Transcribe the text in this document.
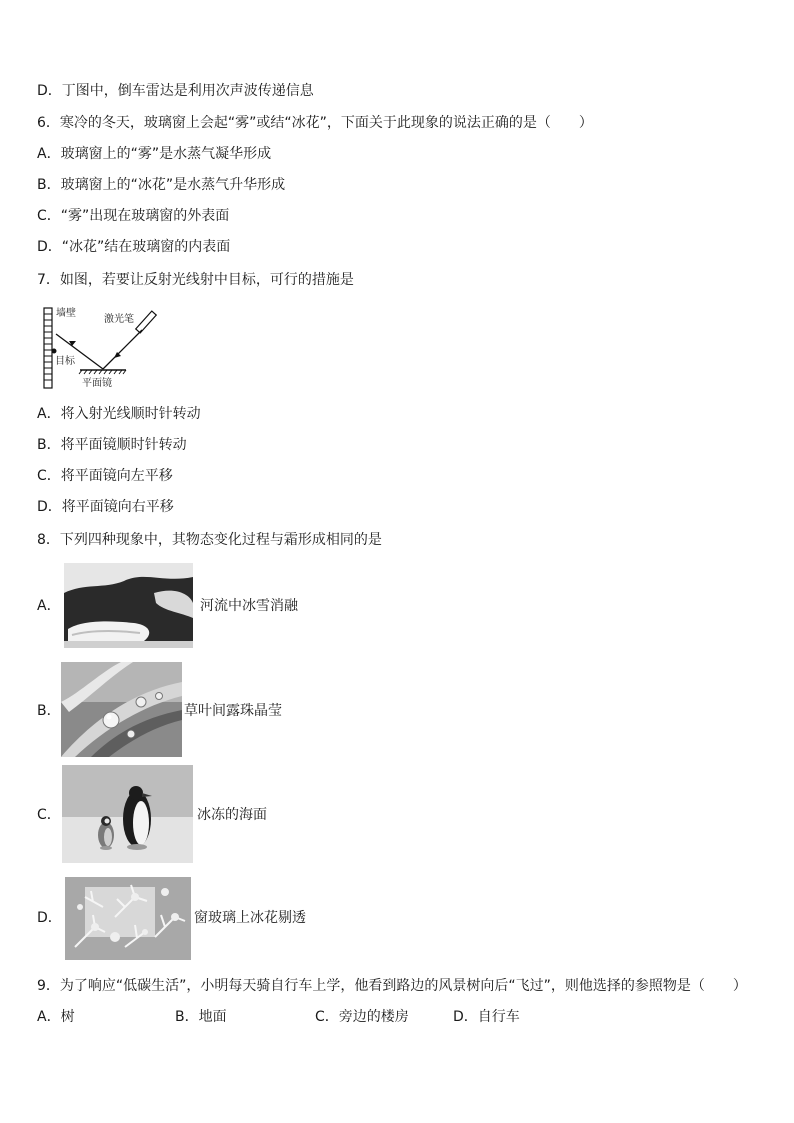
D．丁图中，倒车雷达是利用次声波传递信息
6．寒冷的冬天，玻璃窗上会起“雾”或结“冰花”，下面关于此现象的说法正确的是（　　）
A．玻璃窗上的“雾”是水蒸气凝华形成
B．玻璃窗上的“冰花”是水蒸气升华形成
C．“雾”出现在玻璃窗的外表面
D．“冰花”结在玻璃窗的内表面
7．如图，若要让反射光线射中目标，可行的措施是
墙壁
激光笔
目标
平面镜
A．将入射光线顺时针转动
B．将平面镜顺时针转动
C．将平面镜向左平移
D．将平面镜向右平移
8．下列四种现象中，其物态变化过程与霜形成相同的是
A．	河流中冰雪消融
B．	草叶间露珠晶莹
C．	冰冻的海面
D．	窗玻璃上冰花剔透
9．为了响应“低碳生活”，小明每天骑自行车上学，他看到路边的风景树向后“飞过”，则他选择的参照物是（　　）
A．树	B．地面	C．旁边的楼房	D．自行车
